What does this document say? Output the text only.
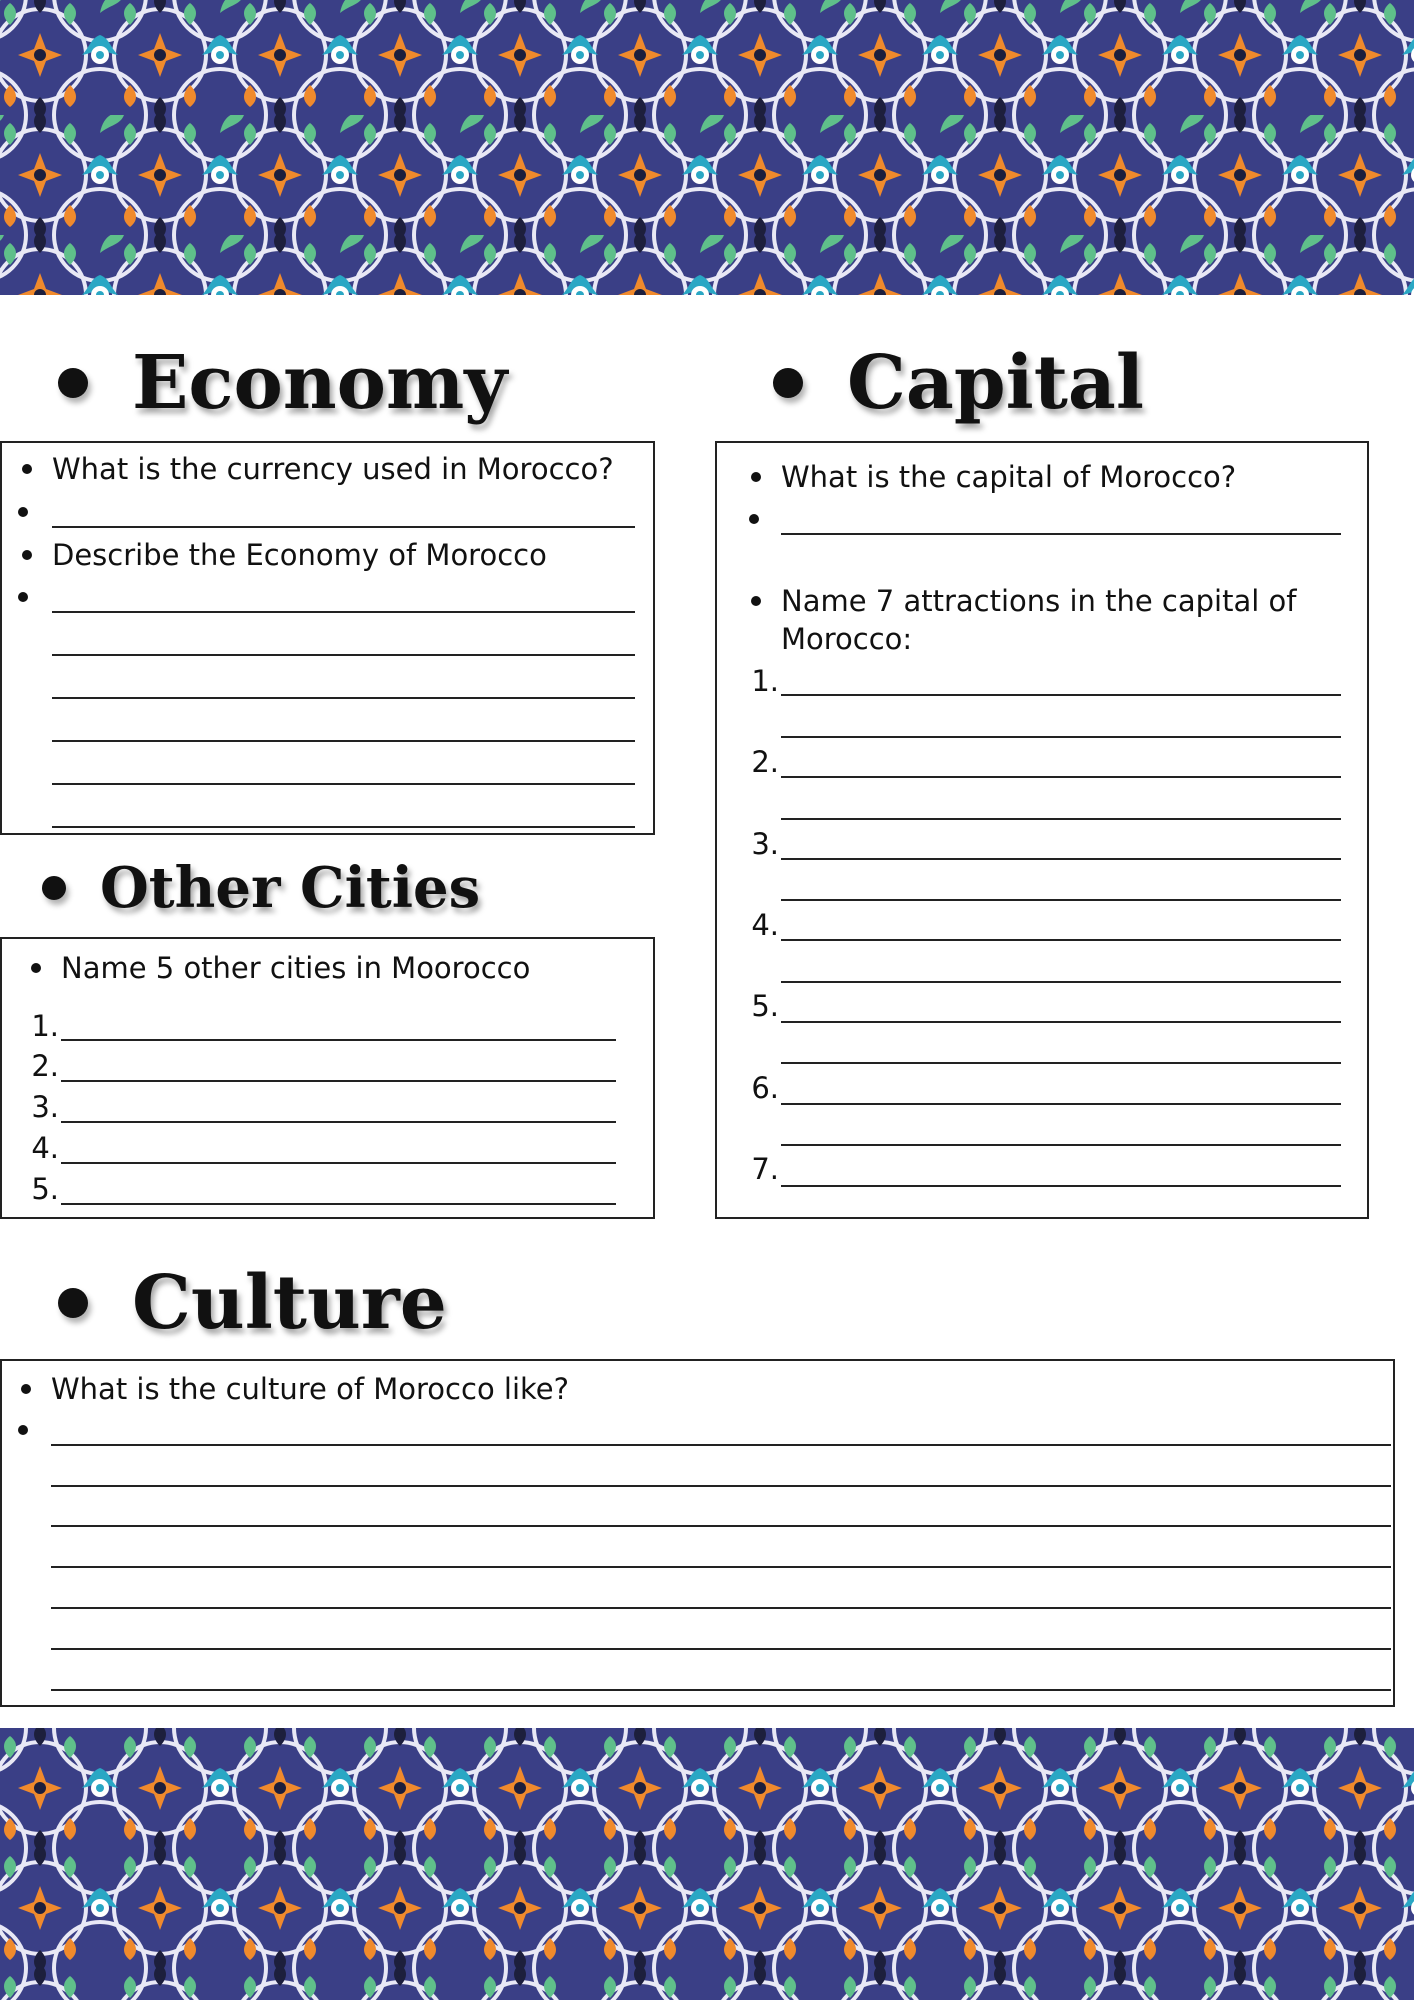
Economy
What is the currency used in Morocco?
Describe the Economy of Morocco
Capital
What is the capital of Morocco?
Name 7 attractions in the capital of Morocco:
1.
2.
3.
4.
5.
6.
7.
Other Cities
Name 5 other cities in Moorocco
1.
2.
3.
4.
5.
Culture
What is the culture of Morocco like?
